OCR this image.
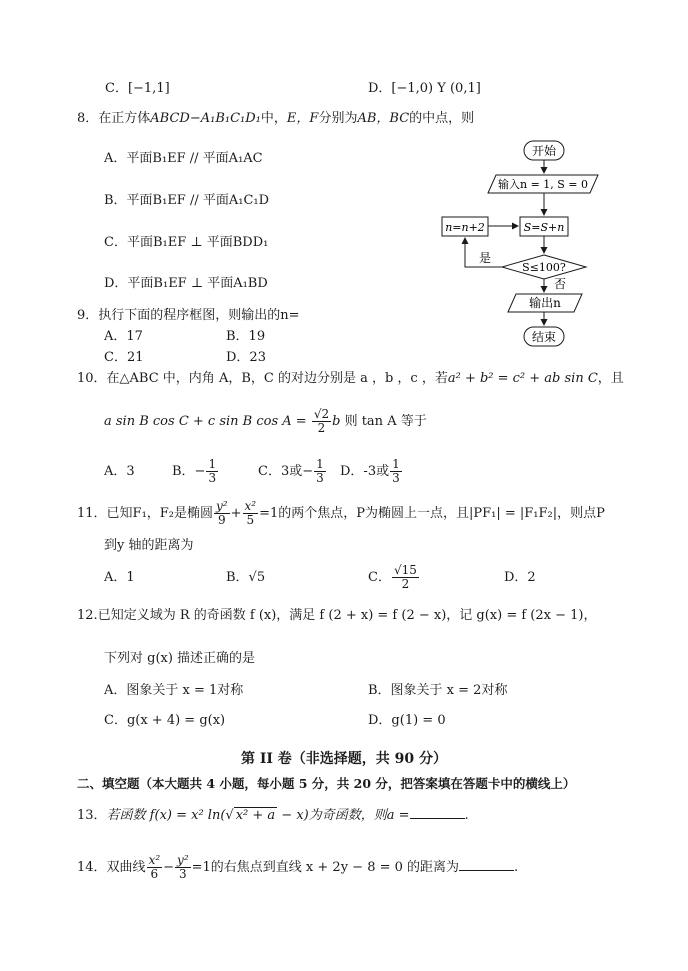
C．[−1,1]	D．[−1,0) Y (0,1]
8．在正方体ABCD−A₁B₁C₁D₁中，E，F分别为AB，BC的中点，则
A．平面B₁EF // 平面A₁AC
B．平面B₁EF // 平面A₁C₁D
C．平面B₁EF ⊥ 平面BDD₁
D．平面B₁EF ⊥ 平面A₁BD
开始
输入n = 1, S = 0
S=S+n
n=n+2
S≤100?
是
否
输出n
结束
9．执行下面的程序框图，则输出的n=
A．17	B．19
C．21	D．23
10．在△ABC 中，内角 A，B，C 的对边分别是 a ，b ，c ，若a² + b² = c² + ab sin C，且
a sin B cos C + c sin B $\cos A = \frac{√2}{2}$ b 则 tan A 等于
A．3	B．− $\frac{1}{3}$	C．3或− $\frac{1}{3}$ D．-3或 $\frac{1}{3}$
11．已知F₁，F₂是椭圆 $\frac{\text{y²}}{9} + \frac{\text{x²}}{5} =1$的两个焦点，P为椭圆上一点，且|PF₁| = |F₁F₂|，则点P
到y 轴的距离为
A．1	B．√5	C． $\frac{√15}{2}$	D．2
12.已知定义域为 R 的奇函数 f (x)，满足 f (2 + x) = f (2 − x)，记 g(x) = f (2x − 1)，
下列对 g(x) 描述正确的是
A．图象关于 x = 1对称	B．图象关于 x = 2对称
C．g(x + 4) = g(x)	D．g(1) = 0
第 II 卷（非选择题，共 90 分）
二、填空题（本大题共 4 小题，每小题 5 分，共 20 分，把答案填在答题卡中的横线上）
13．若函数 f(x) = x² ln(√ x² + a − x)为奇函数，则a =	.
14．双曲线 $\frac{\text{x²}}{6} - \frac{\text{y²}}{3} =1$的右焦点到直线 x + 2y − 8 = 0 的距离为	.
